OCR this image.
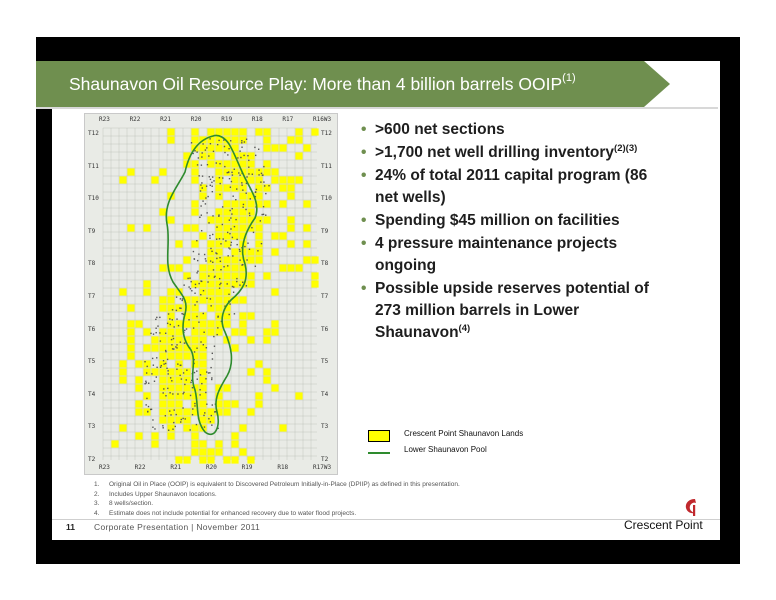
Shaunavon Oil Resource Play: More than 4 billion barrels OOIP$^{(1)}$
R23	R22	R21	R20	R19	R18	R17	R16W3
R23	R22	R21	R20	R19	R18	R17W3
T12	T12
T11	T11
T10	T10
T9	T9
T8	T8
T7	T7
T6	T6
T5	T5
T4	T4
T3	T3
T2	T2
• >600 net sections
• >1,700 net well drilling inventory$^{(2)(3)}$
• 24% of total 2011 capital program (86 net wells)
• Spending $45 million on facilities
• 4 pressure maintenance projects ongoing
• Possible upside reserves potential of 273 million barrels in Lower Shaunavon$^{(4)}$
Crescent Point Shaunavon Lands
Lower Shaunavon Pool
1. Original Oil in Place (OOIP) is equivalent to Discovered Petroleum Initially-in-Place (DPIIP) as defined in this presentation.
2. Includes Upper Shaunavon locations.
3. 8 wells/section.
4. Estimate does not include potential for enhanced recovery due to water flood projects.
11 Corporate Presentation | November 2011	Crescent Point
